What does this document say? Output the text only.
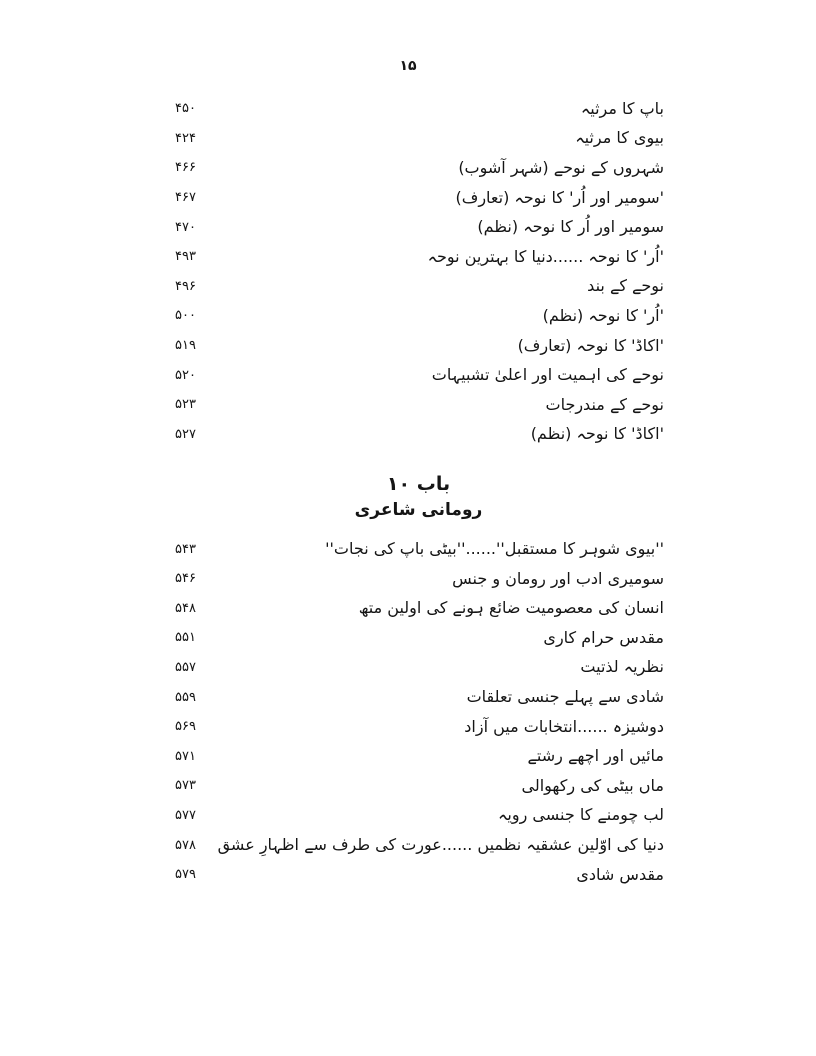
۱۵
باپ کا مرثیہ
۴۵۰
بیوی کا مرثیہ
۴۲۴
شہروں کے نوحے (شہر آشوب)
۴۶۶
'سومیر اور اُر' کا نوحہ (تعارف)
۴۶۷
سومیر اور اُر کا نوحہ (نظم)
۴۷۰
'اُر' کا نوحہ ......دنیا کا بہترین نوحہ
۴۹۳
نوحے کے بند
۴۹۶
'اُر' کا نوحہ (نظم)
۵۰۰
'اکاڈ' کا نوحہ (تعارف)
۵۱۹
نوحے کی اہمیت اور اعلیٰ تشبیہات
۵۲۰
نوحے کے مندرجات
۵۲۳
'اکاڈ' کا نوحہ (نظم)
۵۲۷
باب ۱۰
رومانی شاعری
''بیوی شوہر کا مستقبل''......''بیٹی باپ کی نجات''
۵۴۳
سومیری ادب اور رومان و جنس
۵۴۶
انسان کی معصومیت ضائع ہونے کی اولین متھ
۵۴۸
مقدس حرام کاری
۵۵۱
نظریہ لذتیت
۵۵۷
شادی سے پہلے جنسی تعلقات
۵۵۹
دوشیزہ ......انتخابات میں آزاد
۵۶۹
مائیں اور اچھے رشتے
۵۷۱
ماں بیٹی کی رکھوالی
۵۷۳
لب چومنے کا جنسی رویہ
۵۷۷
دنیا کی اوّلین عشقیہ نظمیں ......عورت کی طرف سے اظہارِ عشق
۵۷۸
مقدس شادی
۵۷۹
